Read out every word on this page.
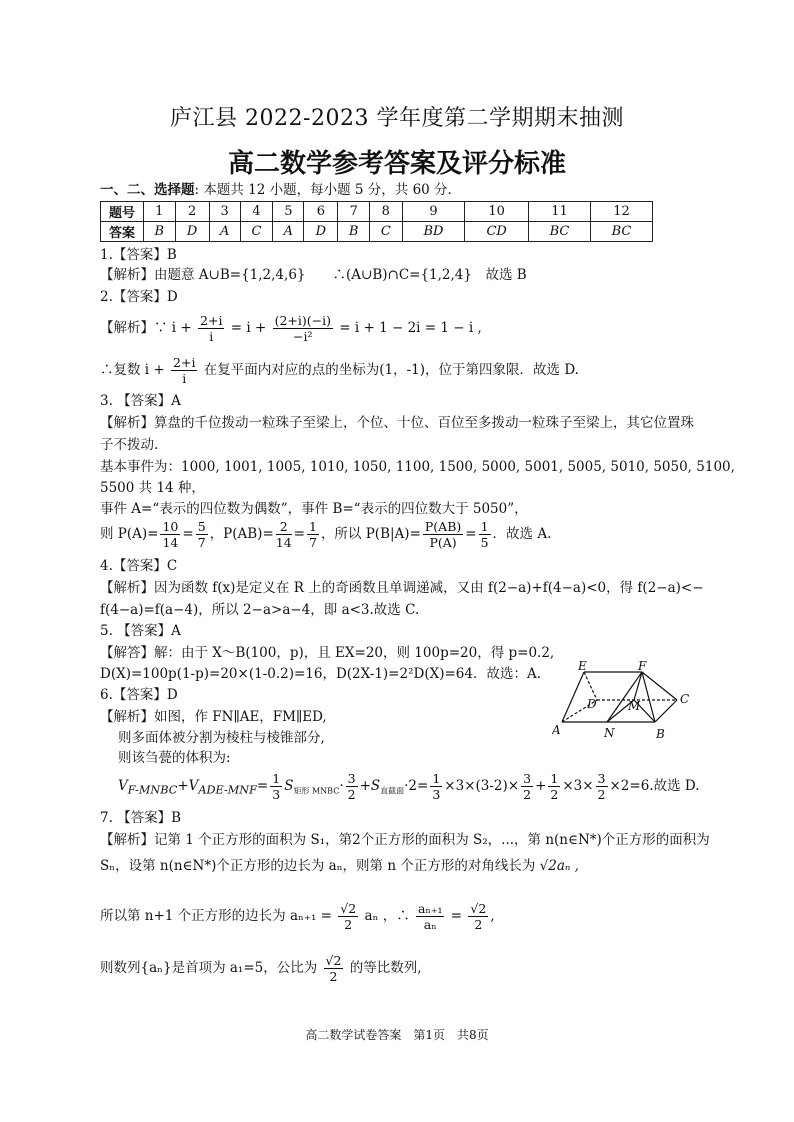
庐江县 2022-2023 学年度第二学期期末抽测
高二数学参考答案及评分标准
一、二、选择题: 本题共 12 小题，每小题 5 分，共 60 分.
题号	1	2	3	4	5	6	7	8	9	10	11	12
答案	B	D	A	C	A	D	B	C	BD	CD	BC	BC
1.【答案】B
【解析】由题意 A∪B={1,2,4,6}　　∴(A∪B)∩C={1,2,4}　故选 B
2.【答案】D
【解析】∵ $i + \frac{2+i}{i} = i + \frac{(2+i)(-i)}{\text{−i²}} = i + 1 - 2i = 1 - i$ ,
∴复数 $i + \frac{2+i}{i}$ 在复平面内对应的点的坐标为(1，-1)，位于第四象限．故选 D.
3. 【答案】A
【解析】算盘的千位拨动一粒珠子至梁上，个位、十位、百位至多拨动一粒珠子至梁上，其它位置珠
子不拨动.
基本事件为：1000, 1001, 1005, 1010, 1050, 1100, 1500, 5000, 5001, 5005, 5010, 5050, 5100,
5500 共 14 种，
事件 A=“表示的四位数为偶数”，事件 B=“表示的四位数大于 5050”，
则 $P(A)= \frac{10}{14} = \frac{5}{7}$ ，$P(AB)= \frac{2}{14} = \frac{1}{7}$ ，所以 $P(B|A)= \frac{P(AB)}{P(A)} = \frac{1}{5}$ ．故选 A.
4.【答案】C
【解析】因为函数 f(x)是定义在 R 上的奇函数且单调递减，又由 f(2−a)+f(4−a)<0，得 f(2−a)<−
f(4−a)=f(a−4)，所以 2−a>a−4，即 a<3.故选 C.
5. 【答案】A
【解答】解：由于 X～B(100，p)，且 EX=20，则 100p=20，得 p=0.2,
D(X)=100p(1-p)=20×(1-0.2)=16，D(2X-1)=2²D(X)=64．故选：A.
6.【答案】D
【解析】如图，作 FN∥AE，FM∥ED,
则多面体被分割为棱柱与棱锥部分,
则该刍甍的体积为:
$V_{F-MNBC}+V_{ADE-MNF}= \frac{1}{3} S_{矩形 MNBC}\cdot \frac{3}{2} +S_{直截面}\cdot 2= \frac{1}{3} \times 3\times(3-2)\times \frac{3}{2} + \frac{1}{2} \times 3\times \frac{3}{2} \times 2=6$.故选 D.
E	F
D	M	C
A	N	B
7. 【答案】B
【解析】记第 1 个正方形的面积为 S₁，第2个正方形的面积为 S₂，...，第 n(n∈N*)个正方形的面积为
Sₙ，设第 n(n∈N*)个正方形的边长为 aₙ，则第 n 个正方形的对角线长为 √2aₙ ,
所以第 n+1 个正方形的边长为 $a_{n+1} = \frac{√2}{2}$ aₙ ，∴ $\frac{\text{aₙ₊₁}}{\text{aₙ}} = \frac{√2}{2}$ ,
则数列{aₙ}是首项为 a₁=5，公比为 $\frac{√2}{2}$ 的等比数列,
高二数学试卷答案　第1页　共8页
